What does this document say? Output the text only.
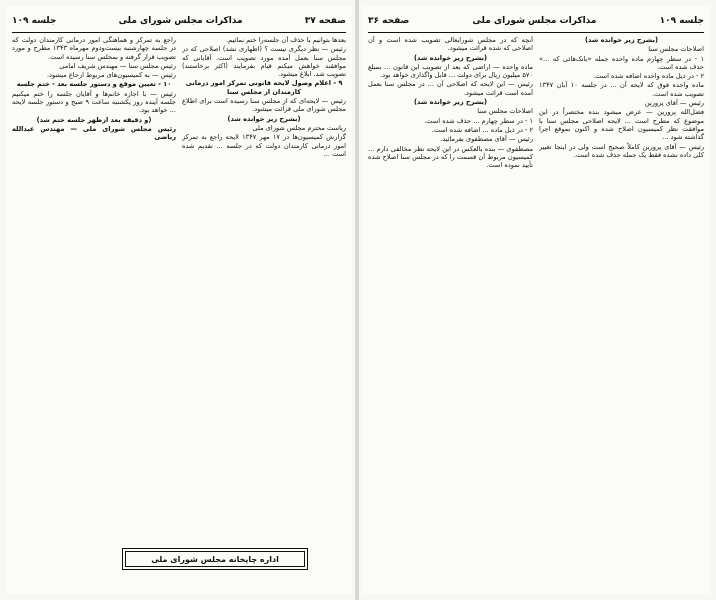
صفحه ۳۷
مذاکرات مجلس شورای ملی
جلسه ۱۰۹

بعدها بتوانیم با حذف آن جلسه‌را ختم نمائیم.

رئیس — نظر دیگری نیست ؟ (اظهاری نشد) اصلاحی که در مجلس سنا بعمل آمده مورد تصویب است. آقایانی که موافقند خواهش میکنم قیام بفرمایند (اکثر برخاستند) تصویب شد. ابلاغ میشود.

۹ - اعلام وصول لایحه قانونی تمرکز امور درمانی کارمندان از مجلس سنا

رئیس — لایحه‌ای که از مجلس سنا رسیده است برای اطلاع مجلس شورای ملی قرائت میشود.

(بشرح زیر خوانده شد)

ریاست محترم مجلس شورای ملی

گزارش کمیسیون‌ها در ۱۷ مهر ۱۳۴۷ لایحه راجع به تمرکز امور درمانی کارمندان دولت که در جلسه ... تقدیم شده است ...

راجع به تمرکز و هماهنگی امور درمانی کارمندان دولت که در جلسه چهارشنبه بیست‌ودوم مهرماه ۱۳۴۳ مطرح و مورد تصویب قرار گرفته و بمجلس سنا رسیده است.

رئیس مجلس سنا — مهندس شریف امامی

رئیس — به کمیسیون‌های مربوط ارجاع میشود.

۱۰ - تعیین موقع و دستور جلسه بعد - ختم جلسه

رئیس — با اجازه خانم‌ها و آقایان جلسه را ختم میکنیم جلسه آینده روز یکشنبه ساعت ۹ صبح و دستور جلسه لایحه ... خواهد بود.

(و دقیقه بعد ازظهر جلسه ختم شد)

رئیس مجلس شورای ملی — مهندس عبدالله ریاضی

جلسه ۱۰۹
مذاکرات مجلس شورای ملی
صفحه ۳۶

(بشرح زیر خوانده شد)

اصلاحات مجلس سنا

۱ - در سطر چهارم ماده واحده جمله «بانک‌هائی که ...» حذف شده است.

۲ - در ذیل ماده واحده اضافه شده است.

ماده واحده فوق که لایحه آن ... در جلسه ۱۰ آبان ۱۳۴۷ تصویب شده است.

رئیس — آقای پرورین

فضل‌الله پرورین — عرض میشود بنده مختصراً در این موضوع که مطرح است ... لایحه اصلاحی مجلس سنا با موافقت نظر کمیسیون اصلاح شده و اکنون بموقع اجرا گذاشته شود ...

رئیس — آقای پرورین کاملاً صحیح است ولی در اینجا تغییر کلی داده نشده فقط یک جمله حذف شده است.

آنچه که در مجلس شورایعالی تصویب شده است و آن اصلاحی که شده قرائت میشود.

(بشرح زیر خوانده شد)

ماده واحده — اراضی که بعد از تصویب این قانون ... بمبلغ ۵۷۰ میلیون ریال برای دولت ... قابل واگذاری خواهد بود.

رئیس — این لایحه که اصلاحی آن ... در مجلس سنا بعمل آمده است قرائت میشود.

(بشرح زیر خوانده شد)

اصلاحات مجلس سنا

۱ - در سطر چهارم ... حذف شده است.

۲ - در ذیل ماده ... اضافه شده است.

رئیس — آقای مصطفوی بفرمائید.

مصطفوی — بنده بالعکس در این لایحه نظر مخالفی دارم ... کمیسیون مربوط آن قسمت را که در مجلس سنا اصلاح شده تأیید نموده است.

اداره چاپخانه مجلس شورای ملی
